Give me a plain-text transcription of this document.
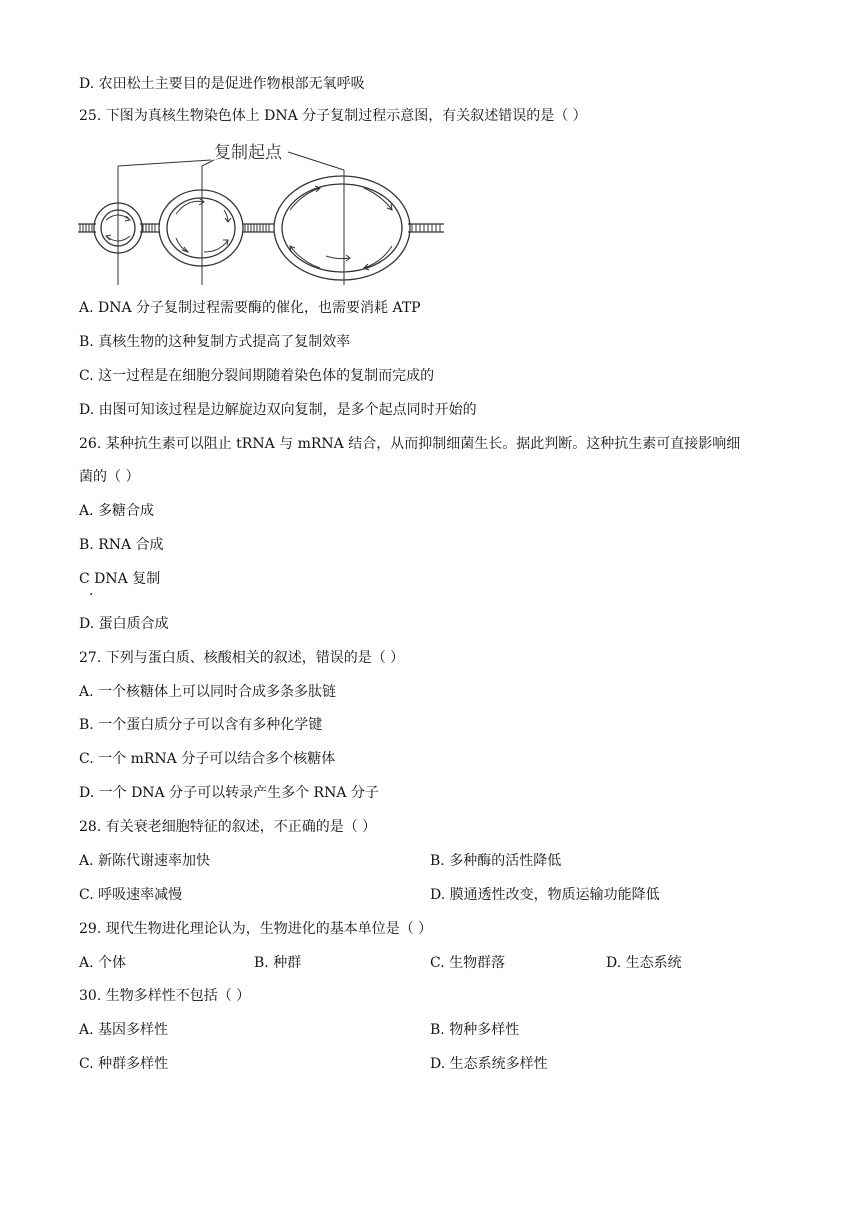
D. 农田松土主要目的是促进作物根部无氧呼吸
25. 下图为真核生物染色体上 DNA 分子复制过程示意图，有关叙述错误的是（ ）
复制起点
A. DNA 分子复制过程需要酶的催化，也需要消耗 ATP
B. 真核生物的这种复制方式提高了复制效率
C. 这一过程是在细胞分裂间期随着染色体的复制而完成的
D. 由图可知该过程是边解旋边双向复制，是多个起点同时开始的
26. 某种抗生素可以阻止 tRNA 与 mRNA 结合，从而抑制细菌生长。据此判断。这种抗生素可直接影响细
菌的（ ）
A. 多糖合成
B. RNA 合成
C DNA 复制
·
D. 蛋白质合成
27. 下列与蛋白质、核酸相关的叙述，错误的是（ ）
A. 一个核糖体上可以同时合成多条多肽链
B. 一个蛋白质分子可以含有多种化学键
C. 一个 mRNA 分子可以结合多个核糖体
D. 一个 DNA 分子可以转录产生多个 RNA 分子
28. 有关衰老细胞特征的叙述，不正确的是（ ）
A. 新陈代谢速率加快	B. 多种酶的活性降低
C. 呼吸速率减慢	D. 膜通透性改变，物质运输功能降低
29. 现代生物进化理论认为，生物进化的基本单位是（ ）
A. 个体	B. 种群	C. 生物群落	D. 生态系统
30. 生物多样性不包括（ ）
A. 基因多样性	B. 物种多样性
C. 种群多样性	D. 生态系统多样性
